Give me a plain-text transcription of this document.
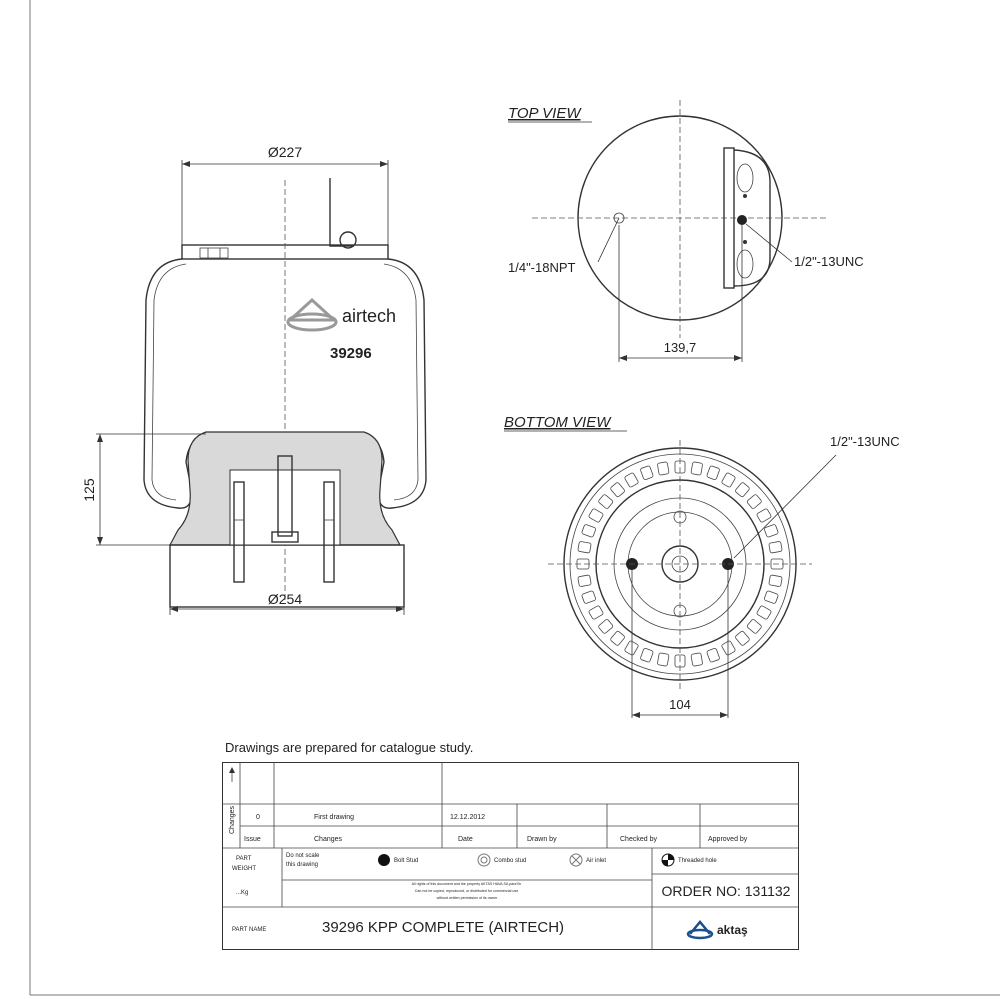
Ø227
airtech
39296
125
Ø254
TOP VIEW
1/4"-18NPT	1/2"-13UNC
139,7
BOTTOM VIEW
1/2"-13UNC
104

Drawings are prepared for catalogue study.

Changes	0	First drawing	12.12.2012
Issue	Changes	Date	Drawn by	Checked by	Approved by
PART WEIGHT
...Kg
Do not scale this drawing
Bolt Stud	Combo stud	Air inlet	Threaded hole
All rights of this document and the property AKTAS HAVA.SA para'l'in Can not be copied, reproduced, or distributed for commercial use without written permission of its owner	ORDER NO: 131132
PART NAME	39296 KPP COMPLETE (AIRTECH)	aktaş
